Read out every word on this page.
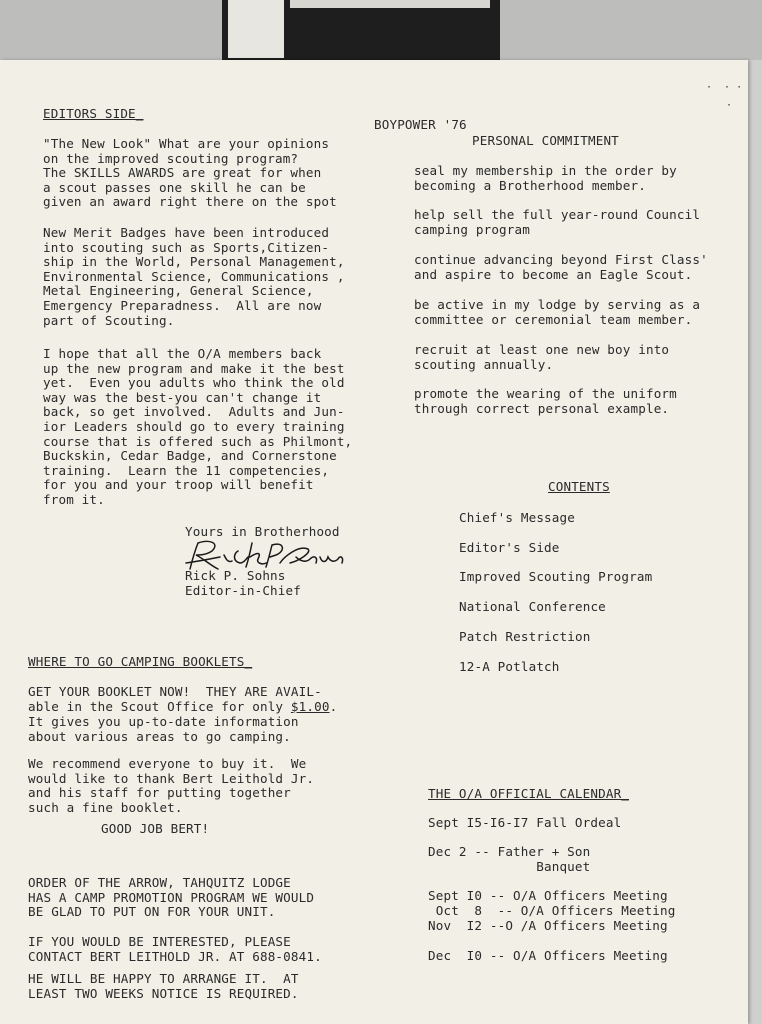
·  · ·
·
EDITORS SIDE_
"The New Look" What are your opinions
on the improved scouting program?
The SKILLS AWARDS are great for when
a scout passes one skill he can be
given an award right there on the spot
New Merit Badges have been introduced
into scouting such as Sports,Citizen-
ship in the World, Personal Management,
Environmental Science, Communications ,
Metal Engineering, General Science,
Emergency Preparadness.  All are now
part of Scouting.
I hope that all the O/A members back
up the new program and make it the best
yet.  Even you adults who think the old
way was the best-you can't change it
back, so get involved.  Adults and Jun-
ior Leaders should go to every training
course that is offered such as Philmont,
Buckskin, Cedar Badge, and Cornerstone
training.  Learn the 11 competencies,
for you and your troop will benefit
from it.
Yours in Brotherhood
Rick P. Sohns
Editor-in-Chief
WHERE TO GO CAMPING BOOKLETS_
GET YOUR BOOKLET NOW!  THEY ARE AVAIL-
able in the Scout Office for only $1.00.
It gives you up-to-date information
about various areas to go camping.
We recommend everyone to buy it.  We
would like to thank Bert Leithold Jr.
and his staff for putting together
such a fine booklet.
GOOD JOB BERT!
ORDER OF THE ARROW, TAHQUITZ LODGE
HAS A CAMP PROMOTION PROGRAM WE WOULD
BE GLAD TO PUT ON FOR YOUR UNIT.
IF YOU WOULD BE INTERESTED, PLEASE
CONTACT BERT LEITHOLD JR. AT 688-0841.
HE WILL BE HAPPY TO ARRANGE IT.  AT
LEAST TWO WEEKS NOTICE IS REQUIRED.
BOYPOWER '76
PERSONAL COMMITMENT
seal my membership in the order by
becoming a Brotherhood member.
help sell the full year-round Council
camping program
continue advancing beyond First Class'
and aspire to become an Eagle Scout.
be active in my lodge by serving as a
committee or ceremonial team member.
recruit at least one new boy into
scouting annually.
promote the wearing of the uniform
through correct personal example.
CONTENTS
Chief's Message
Editor's Side
Improved Scouting Program
National Conference
Patch Restriction
12-A Potlatch
THE O/A OFFICIAL CALENDAR_
Sept I5-I6-I7 Fall Ordeal
Dec 2 -- Father + Son
Banquet
Sept I0 -- O/A Officers Meeting
Oct  8  -- O/A Officers Meeting
Nov  I2 --O /A Officers Meeting
Dec  I0 -- O/A Officers Meeting
